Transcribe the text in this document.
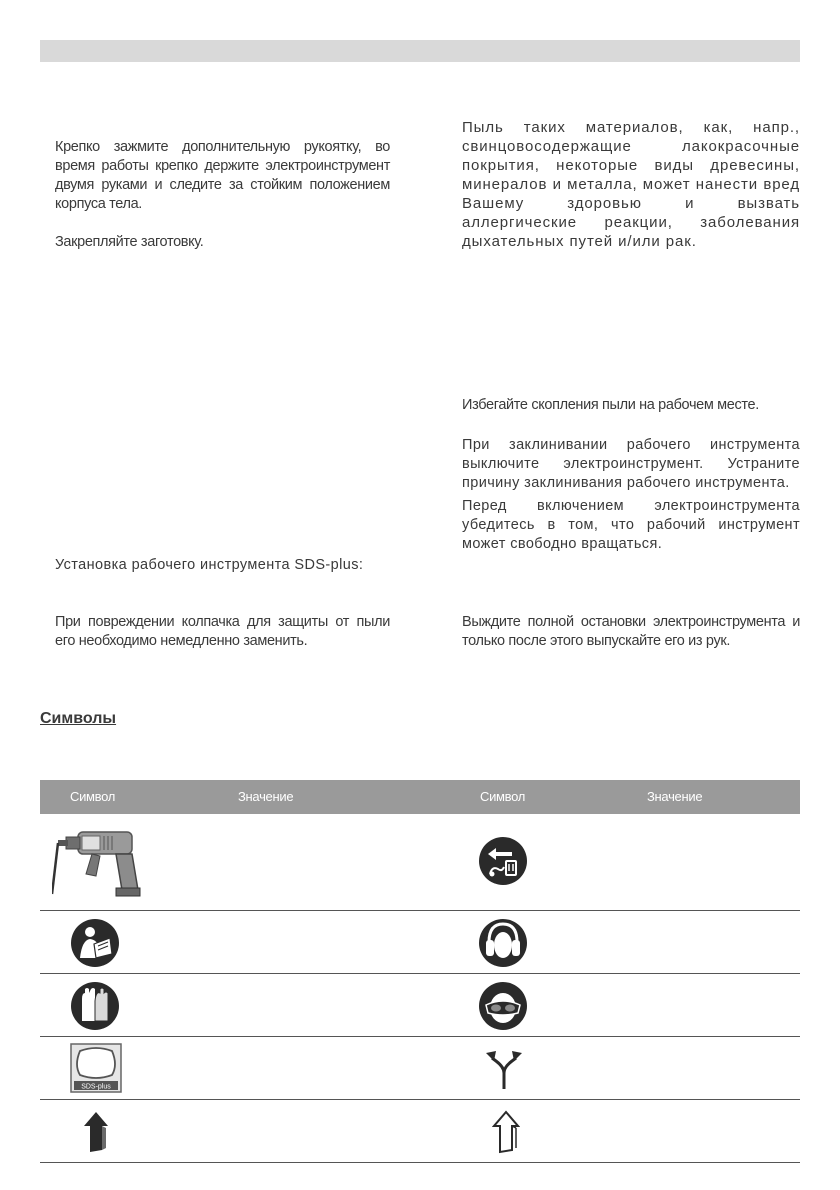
Крепко зажмите дополнительную рукоятку, во время работы крепко держите электроинструмент двумя руками и следите за стойким положением корпуса тела.

Закрепляйте заготовку.

Установка рабочего инструмента SDS-plus:

При повреждении колпачка для защиты от пыли его необходимо немедленно заменить.

Пыль таких материалов, как, напр., свинцовосодержащие лакокрасочные покрытия, некоторые виды древесины, минералов и металла, может нанести вред Вашему здоровью и вызвать аллергические реакции, заболевания дыхательных путей и/или рак.

Избегайте скопления пыли на рабочем месте.

При заклинивании рабочего инструмента выключите электроинструмент. Устраните причину заклинивания рабочего инструмента.

Перед включением электроинструмента убедитесь в том, что рабочий инструмент может свободно вращаться.

Выждите полной остановки электроинструмента и только после этого выпускайте его из рук.

Символы
Символ	Значение	Символ	Значение
SDS-plus
